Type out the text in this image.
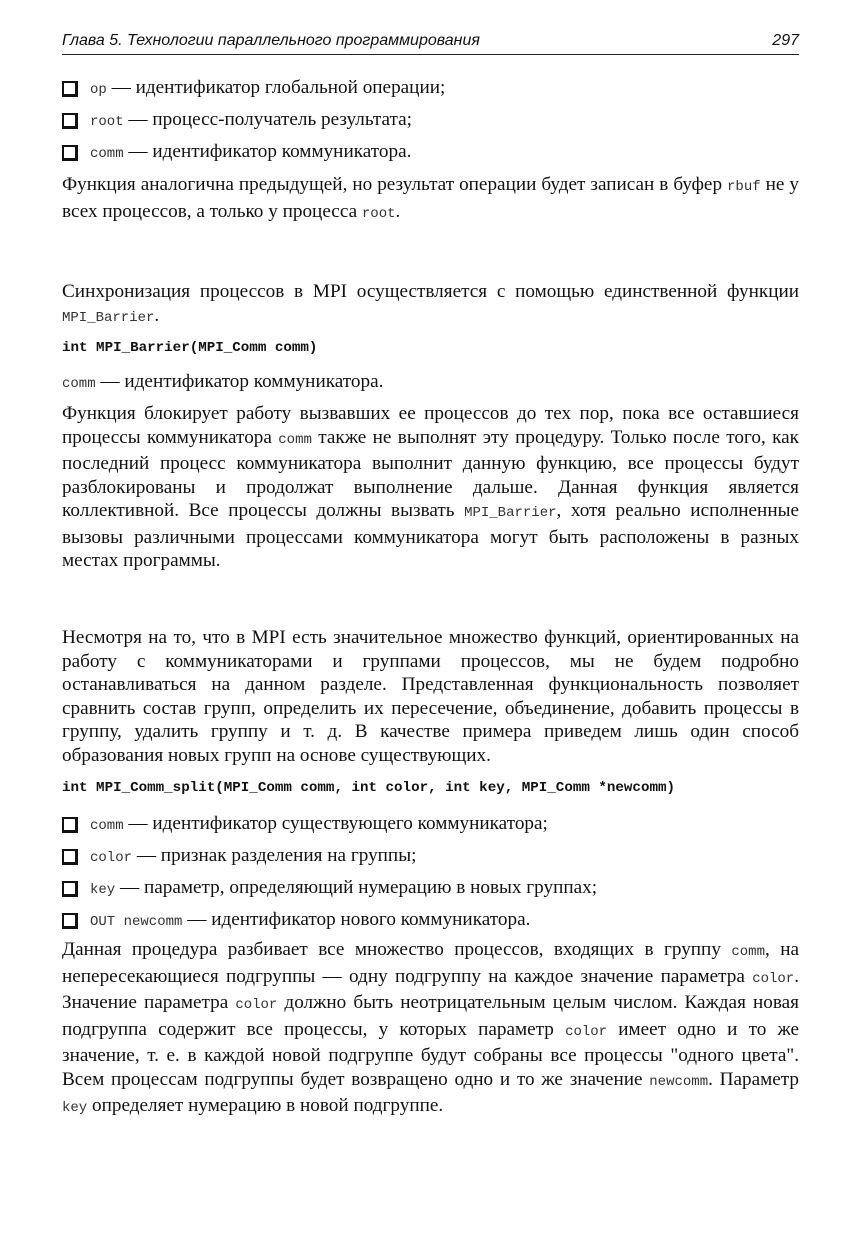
Глава 5. Технологии параллельного программирования	297
op — идентификатор глобальной операции;
root — процесс-получатель результата;
comm — идентификатор коммуникатора.

Функция аналогична предыдущей, но результат операции будет записан в буфер rbuf не у всех процессов, а только у процесса root.

Синхронизация процессов в MPI осуществляется с помощью единственной функции MPI_Barrier.

int MPI_Barrier(MPI_Comm comm)

comm — идентификатор коммуникатора.

Функция блокирует работу вызвавших ее процессов до тех пор, пока все оставшиеся процессы коммуникатора comm также не выполнят эту процедуру. Только после того, как последний процесс коммуникатора выполнит данную функцию, все процессы будут разблокированы и продолжат выполнение дальше. Данная функция является коллективной. Все процессы должны вызвать MPI_Barrier, хотя реально исполненные вызовы различными процессами коммуникатора могут быть расположены в разных местах программы.

Несмотря на то, что в MPI есть значительное множество функций, ориентированных на работу с коммуникаторами и группами процессов, мы не будем подробно останавливаться на данном разделе. Представленная функциональность позволяет сравнить состав групп, определить их пересечение, объединение, добавить процессы в группу, удалить группу и т. д. В качестве примера приведем лишь один способ образования новых групп на основе существующих.

int MPI_Comm_split(MPI_Comm comm, int color, int key, MPI_Comm *newcomm)
comm — идентификатор существующего коммуникатора;
color — признак разделения на группы;
key — параметр, определяющий нумерацию в новых группах;
OUT newcomm — идентификатор нового коммуникатора.

Данная процедура разбивает все множество процессов, входящих в группу comm, на непересекающиеся подгруппы — одну подгруппу на каждое значение параметра color. Значение параметра color должно быть неотрицательным целым числом. Каждая новая подгруппа содержит все процессы, у которых параметр color имеет одно и то же значение, т. е. в каждой новой подгруппе будут собраны все процессы "одного цвета". Всем процессам подгруппы будет возвращено одно и то же значение newcomm. Параметр key определяет нумерацию в новой подгруппе.
